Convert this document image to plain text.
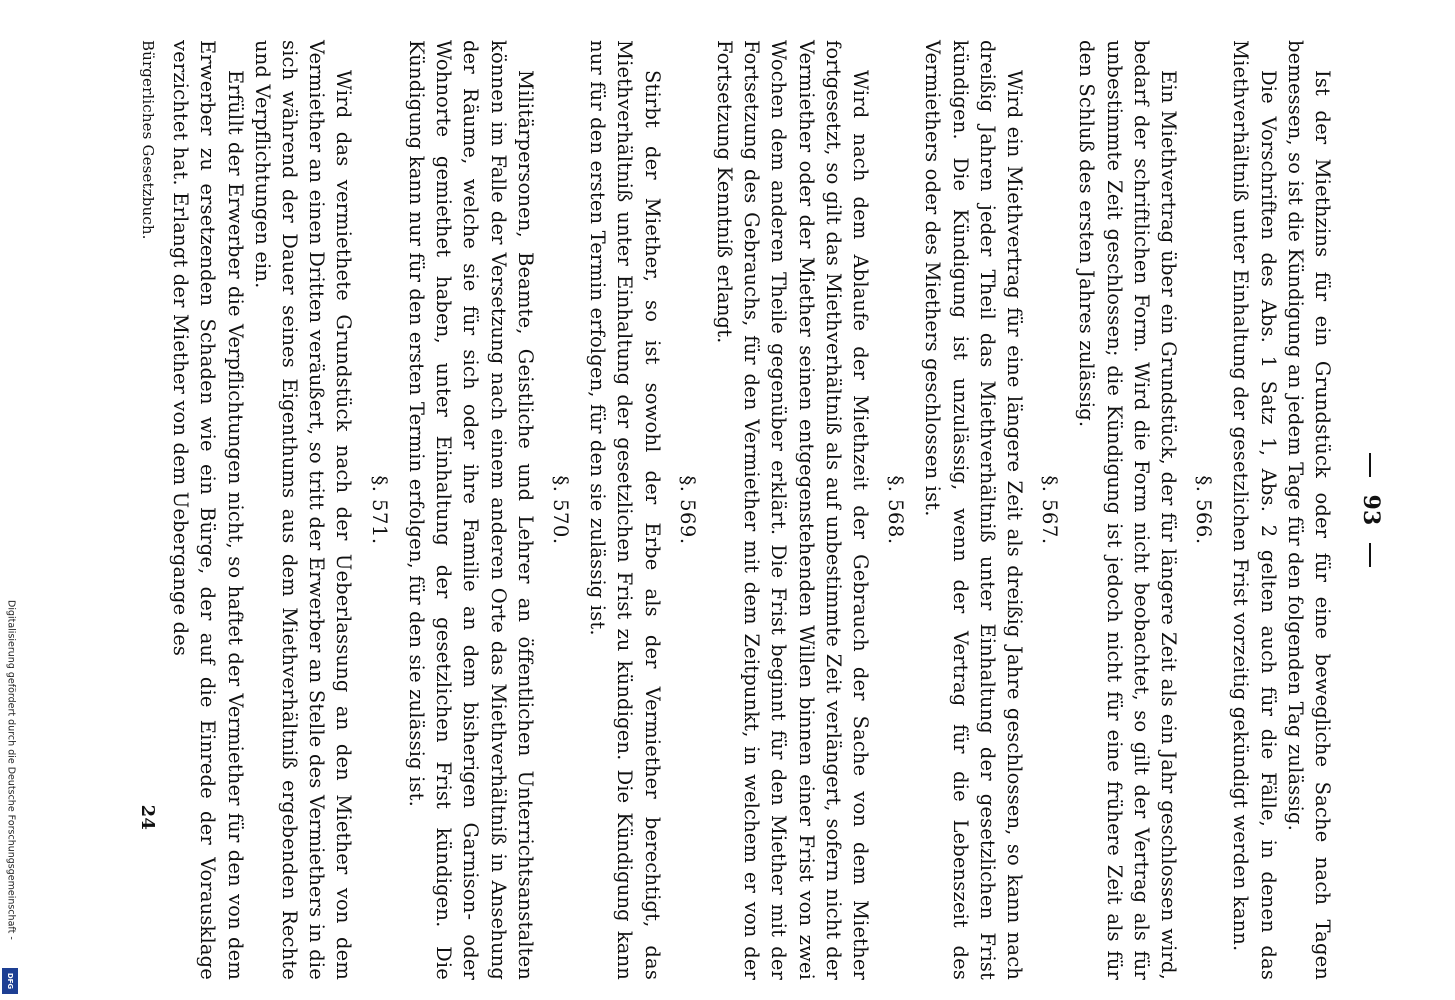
Digitalisierung gefördert durch die Deutsche Forschungsgemeinschaft -
DFG
93

Ist der Miethzins für ein Grundstück oder für eine bewegliche Sache nach Tagen bemessen, so ist die Kündigung an jedem Tage für den folgenden Tag zulässig.

Die Vorschriften des Abs. 1 Satz 1, Abs. 2 gelten auch für die Fälle, in denen das Miethverhältniß unter Einhaltung der gesetzlichen Frist vorzeitig gekündigt werden kann.

§. 566.

Ein Miethvertrag über ein Grundstück, der für längere Zeit als ein Jahr geschlossen wird, bedarf der schriftlichen Form. Wird die Form nicht beobachtet, so gilt der Vertrag als für unbestimmte Zeit geschlossen; die Kündigung ist jedoch nicht für eine frühere Zeit als für den Schluß des ersten Jahres zulässig.

§. 567.

Wird ein Miethvertrag für eine längere Zeit als dreißig Jahre geschlossen, so kann nach dreißig Jahren jeder Theil das Miethverhältniß unter Einhaltung der gesetzlichen Frist kündigen. Die Kündigung ist unzulässig, wenn der Vertrag für die Lebenszeit des Vermiethers oder des Miethers geschlossen ist.

§. 568.

Wird nach dem Ablaufe der Miethzeit der Gebrauch der Sache von dem Miether fortgesetzt, so gilt das Miethverhältniß als auf unbestimmte Zeit verlängert, sofern nicht der Vermiether oder der Miether seinen entgegenstehenden Willen binnen einer Frist von zwei Wochen dem anderen Theile gegenüber erklärt. Die Frist beginnt für den Miether mit der Fortsetzung des Gebrauchs, für den Vermiether mit dem Zeitpunkt, in welchem er von der Fortsetzung Kenntniß erlangt.

§. 569.

Stirbt der Miether, so ist sowohl der Erbe als der Vermiether berechtigt, das Miethverhältniß unter Einhaltung der gesetzlichen Frist zu kündigen. Die Kündigung kann nur für den ersten Termin erfolgen, für den sie zulässig ist.

§. 570.

Militärpersonen, Beamte, Geistliche und Lehrer an öffentlichen Unterrichtsanstalten können im Falle der Versetzung nach einem anderen Orte das Miethverhältniß in Ansehung der Räume, welche sie für sich oder ihre Familie an dem bisherigen Garnison- oder Wohnorte gemiethet haben, unter Einhaltung der gesetzlichen Frist kündigen. Die Kündigung kann nur für den ersten Termin erfolgen, für den sie zulässig ist.

§. 571.

Wird das vermiethete Grundstück nach der Ueberlassung an den Miether von dem Vermiether an einen Dritten veräußert, so tritt der Erwerber an Stelle des Vermiethers in die sich während der Dauer seines Eigenthums aus dem Miethverhältniß ergebenden Rechte und Verpflichtungen ein.

Erfüllt der Erwerber die Verpflichtungen nicht, so haftet der Vermiether für den von dem Erwerber zu ersetzenden Schaden wie ein Bürge, der auf die Einrede der Vorausklage verzichtet hat. Erlangt der Miether von dem Uebergange des

Bürgerliches Gesetzbuch.
24
